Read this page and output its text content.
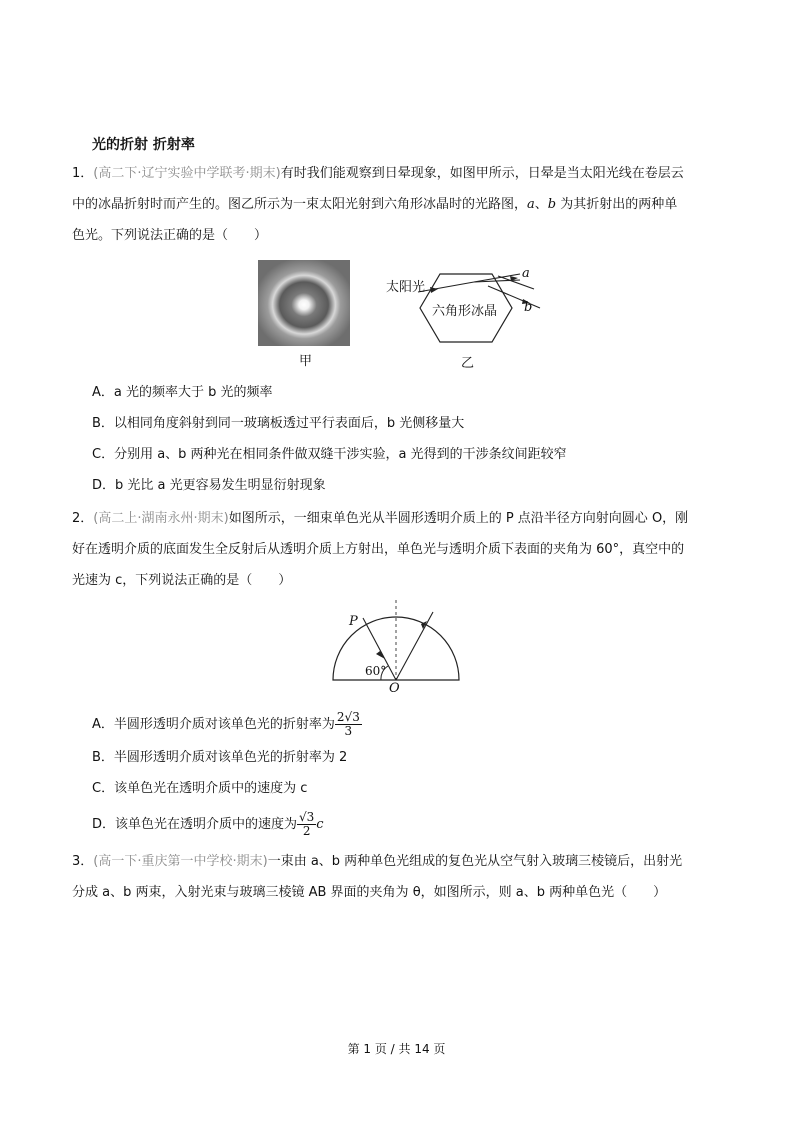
光的折射 折射率

1．(高二下·辽宁实验中学联考·期末)有时我们能观察到日晕现象，如图甲所示，日晕是当太阳光线在卷层云
中的冰晶折射时而产生的。图乙所示为一束太阳光射到六角形冰晶时的光路图，a、b 为其折射出的两种单
色光。下列说法正确的是（　　）

甲
太阳光
六角形冰晶
a
b
乙
A．a 光的频率大于 b 光的频率
B．以相同角度斜射到同一玻璃板透过平行表面后，b 光侧移量大
C．分别用 a、b 两种光在相同条件做双缝干涉实验，a 光得到的干涉条纹间距较窄
D．b 光比 a 光更容易发生明显衍射现象

2．(高二上·湖南永州·期末)如图所示，一细束单色光从半圆形透明介质上的 P 点沿半径方向射向圆心 O，刚
好在透明介质的底面发生全反射后从透明介质上方射出，单色光与透明介质下表面的夹角为 60°，真空中的
光速为 c，下列说法正确的是（　　）

P
O
60°
A．半圆形透明介质对该单色光的折射率为 $\frac{2√3}{3}$
B．半圆形透明介质对该单色光的折射率为 2
C．该单色光在透明介质中的速度为 c
D．该单色光在透明介质中的速度为 $\frac{√3}{2}$ c

3．(高一下·重庆第一中学校·期末)一束由 a、b 两种单色光组成的复色光从空气射入玻璃三棱镜后，出射光
分成 a、b 两束，入射光束与玻璃三棱镜 AB 界面的夹角为 θ，如图所示，则 a、b 两种单色光（　　）

第 1 页 / 共 14 页
